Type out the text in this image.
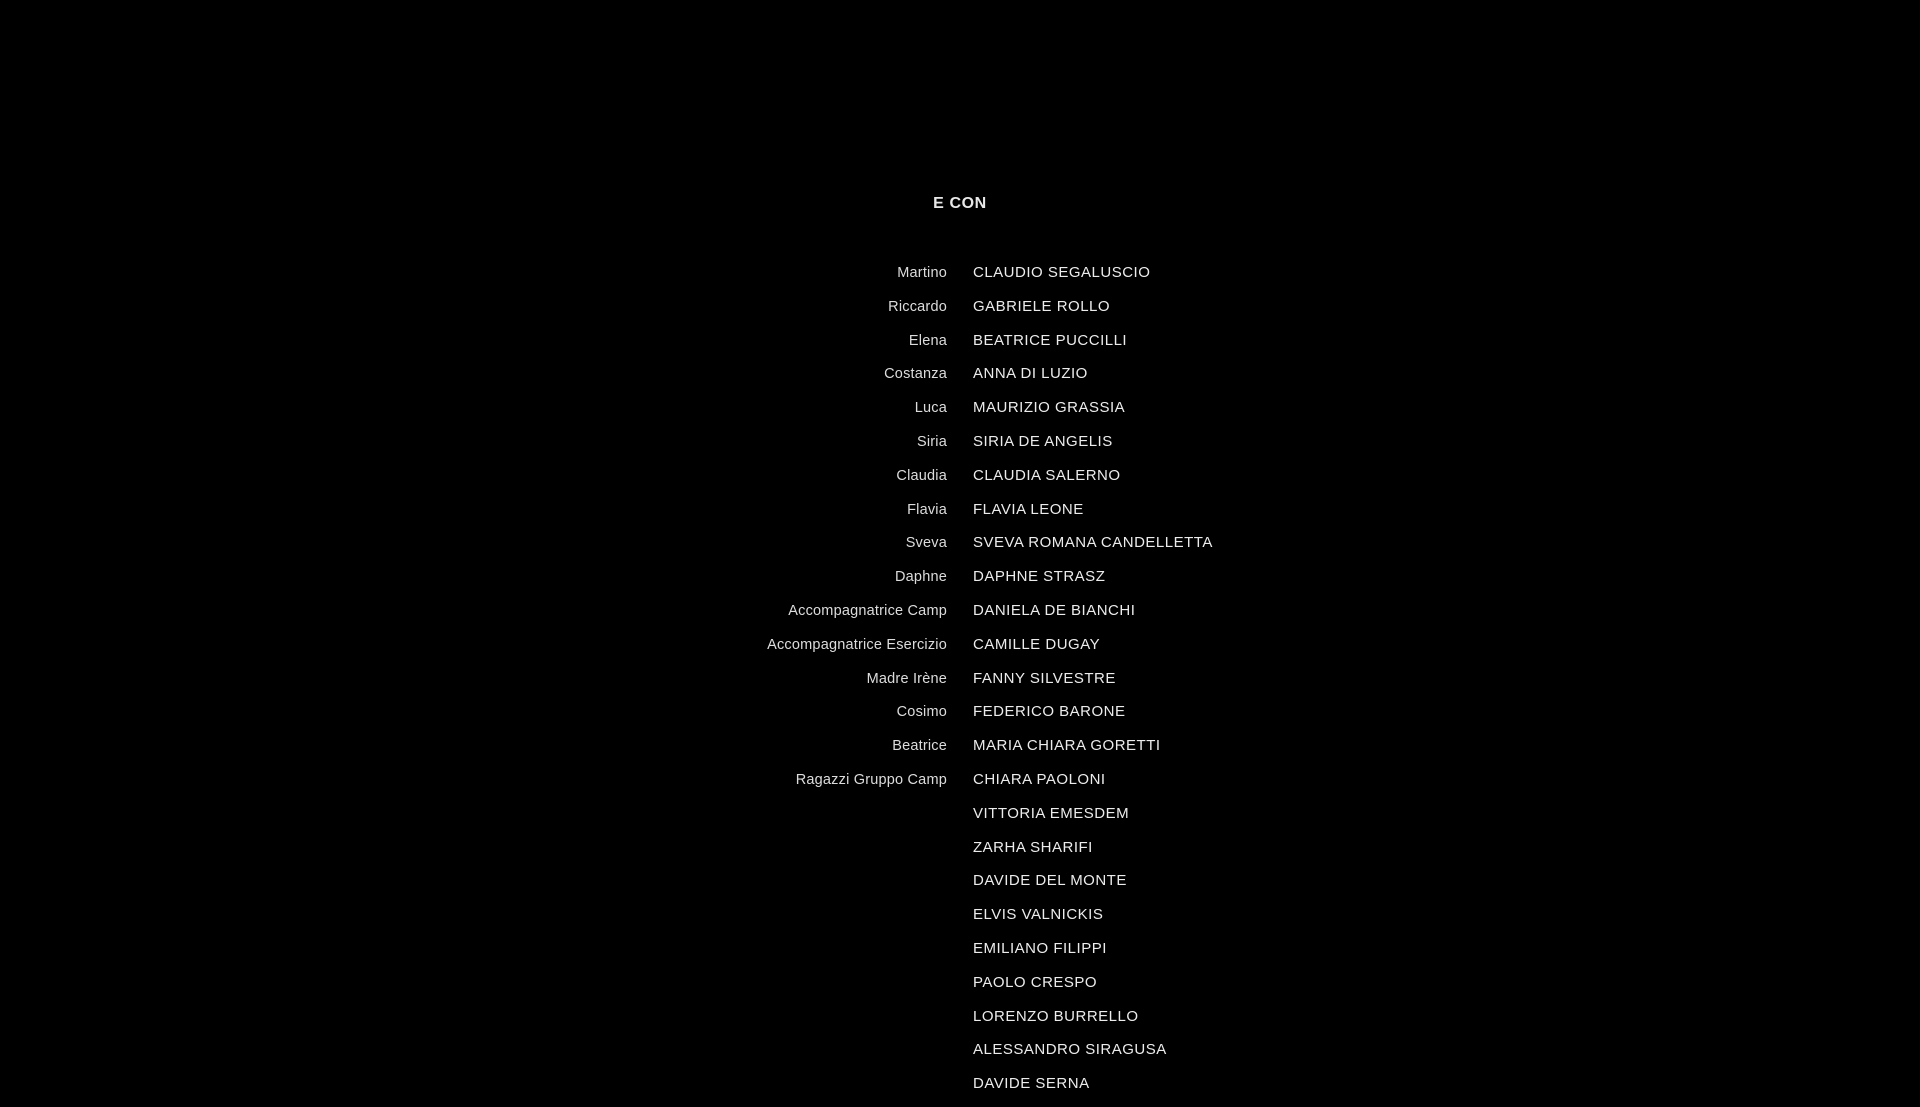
E CON
Martino CLAUDIO SEGALUSCIO
Riccardo GABRIELE ROLLO
Elena BEATRICE PUCCILLI
Costanza ANNA DI LUZIO
Luca MAURIZIO GRASSIA
Siria SIRIA DE ANGELIS
Claudia CLAUDIA SALERNO
Flavia FLAVIA LEONE
Sveva SVEVA ROMANA CANDELLETTA
Daphne DAPHNE STRASZ
Accompagnatrice Camp DANIELA DE BIANCHI
Accompagnatrice Esercizio CAMILLE DUGAY
Madre Irène FANNY SILVESTRE
Cosimo FEDERICO BARONE
Beatrice MARIA CHIARA GORETTI
Ragazzi Gruppo Camp CHIARA PAOLONI
VITTORIA EMESDEM
ZARHA SHARIFI
DAVIDE DEL MONTE
ELVIS VALNICKIS
EMILIANO FILIPPI
PAOLO CRESPO
LORENZO BURRELLO
ALESSANDRO SIRAGUSA
DAVIDE SERNA
